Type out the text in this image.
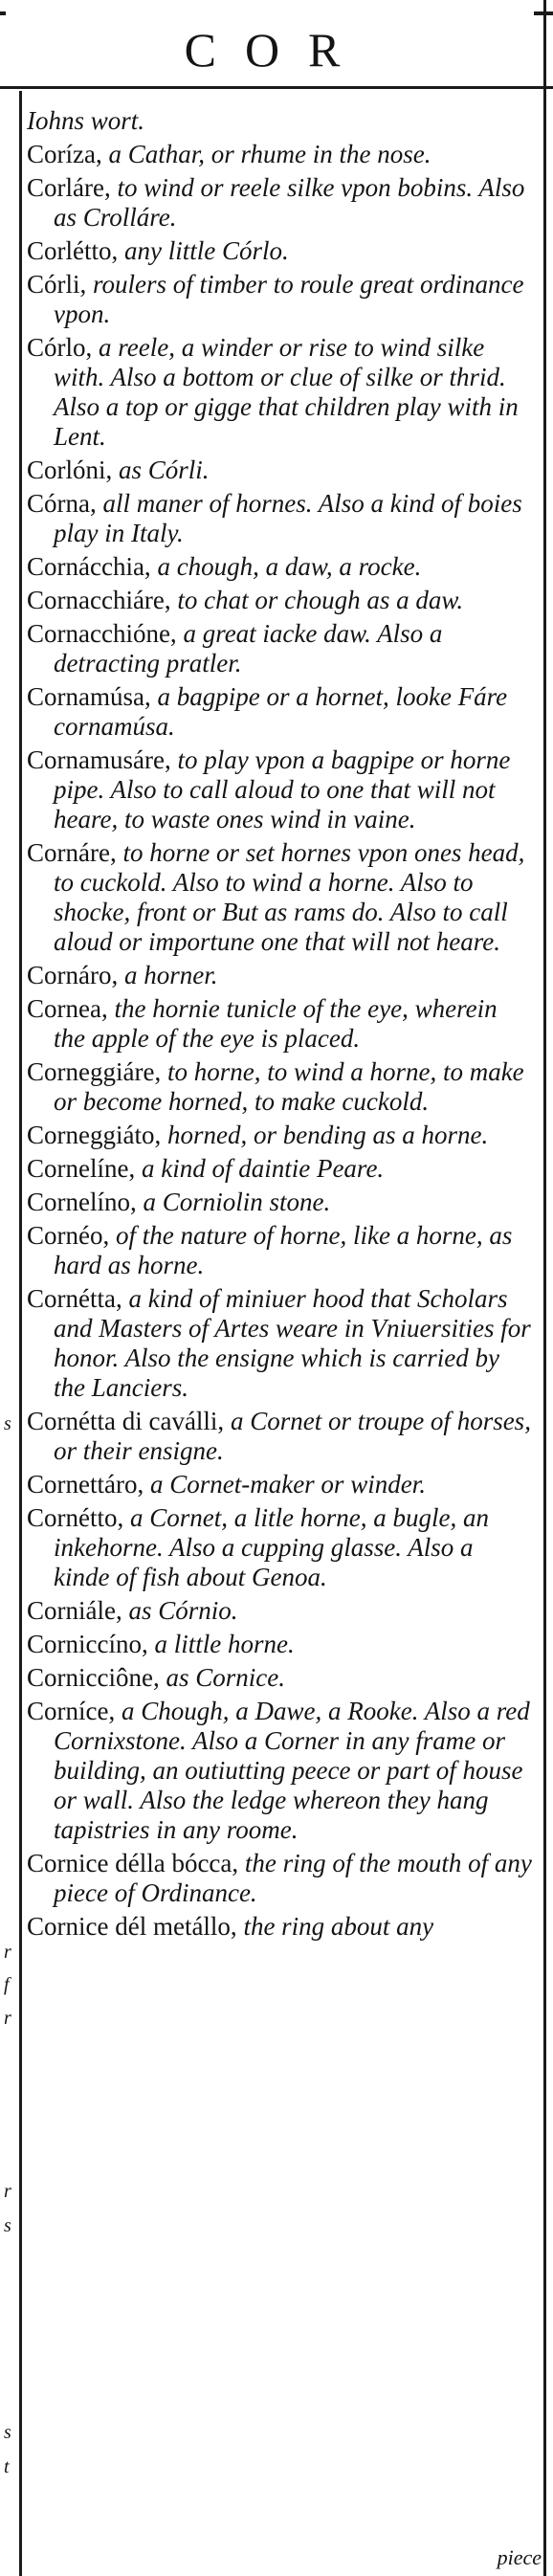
COR
s
r
f
r
r
s
s
t
Iohns wort.
Coríza, a Cathar, or rhume in the nose.
Corláre, to wind or reele silke vpon bobins. Also as Crolláre.
Corlétto, any little Córlo.
Córli, roulers of timber to roule great ordinance vpon.
Córlo, a reele, a winder or rise to wind silke with. Also a bottom or clue of silke or thrid. Also a top or gigge that children play with in Lent.
Corlóni, as Córli.
Córna, all maner of hornes. Also a kind of boies play in Italy.
Cornácchia, a chough, a daw, a rocke.
Cornacchiáre, to chat or chough as a daw.
Cornacchióne, a great iacke daw. Also a detracting pratler.
Cornamúsa, a bagpipe or a hornet, looke Fáre cornamúsa.
Cornamusáre, to play vpon a bagpipe or horne pipe. Also to call aloud to one that will not heare, to waste ones wind in vaine.
Cornáre, to horne or set hornes vpon ones head, to cuckold. Also to wind a horne. Also to shocke, front or But as rams do. Also to call aloud or importune one that will not heare.
Cornáro, a horner.
Cornea, the hornie tunicle of the eye, wherein the apple of the eye is placed.
Corneggiáre, to horne, to wind a horne, to make or become horned, to make cuckold.
Corneggiáto, horned, or bending as a horne.
Cornelíne, a kind of daintie Peare.
Cornelíno, a Corniolin stone.
Cornéo, of the nature of horne, like a horne, as hard as horne.
Cornétta, a kind of miniuer hood that Scholars and Masters of Artes weare in Vniuersities for honor. Also the ensigne which is carried by the Lanciers.
Cornétta di caválli, a Cornet or troupe of horses, or their ensigne.
Cornettáro, a Cornet-maker or winder.
Cornétto, a Cornet, a litle horne, a bugle, an inkehorne. Also a cupping glasse. Also a kinde of fish about Genoa.
Corniále, as Córnio.
Corniccíno, a little horne.
Cornicciône, as Cornice.
Corníce, a Chough, a Dawe, a Rooke. Also a red Cornixstone. Also a Corner in any frame or building, an outiutting peece or part of house or wall. Also the ledge whereon they hang tapistries in any roome.
Cornice délla bócca, the ring of the mouth of any piece of Ordinance.
Cornice dél metállo, the ring about any
piece
